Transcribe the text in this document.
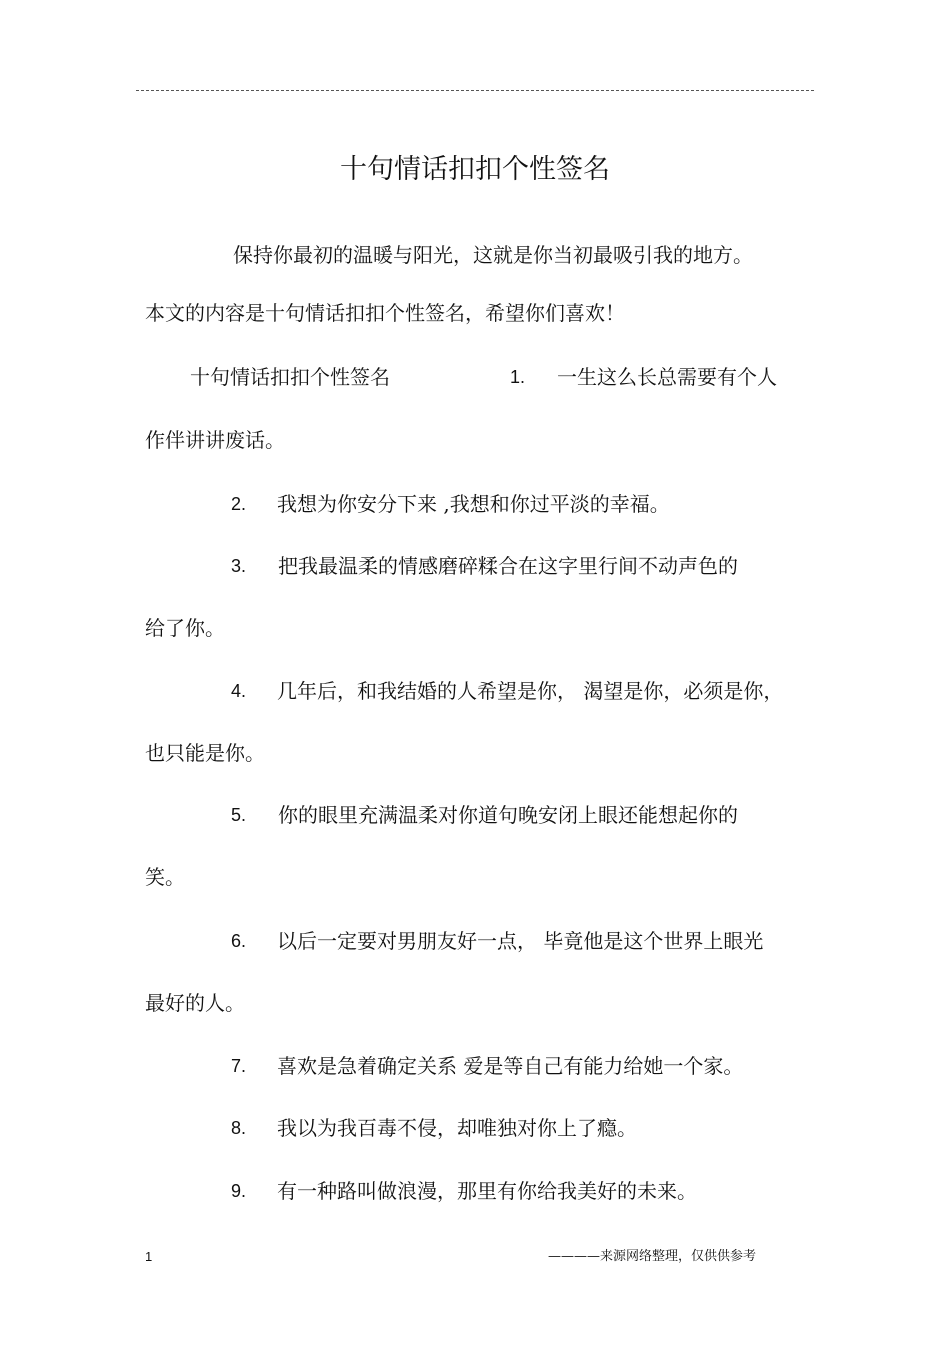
十句情话扣扣个性签名
保持你最初的温暖与阳光，这就是你当初最吸引我的地方。
本文的内容是十句情话扣扣个性签名，希望你们喜欢！
十句情话扣扣个性签名	1. 一生这么长总需要有个人
作伴讲讲废话。
2. 我想为你安分下来 ,我想和你过平淡的幸福。
3. 把我最温柔的情感磨碎糅合在这字里行间不动声色的
给了你。
4. 几年后，和我结婚的人希望是你， 渴望是你，必须是你，
也只能是你。
5. 你的眼里充满温柔对你道句晚安闭上眼还能想起你的
笑。
6. 以后一定要对男朋友好一点， 毕竟他是这个世界上眼光
最好的人。
7. 喜欢是急着确定关系 爱是等自己有能力给她一个家。
8. 我以为我百毒不侵，却唯独对你上了瘾。
9. 有一种路叫做浪漫，那里有你给我美好的未来。
1	————来源网络整理，仅供供参考
